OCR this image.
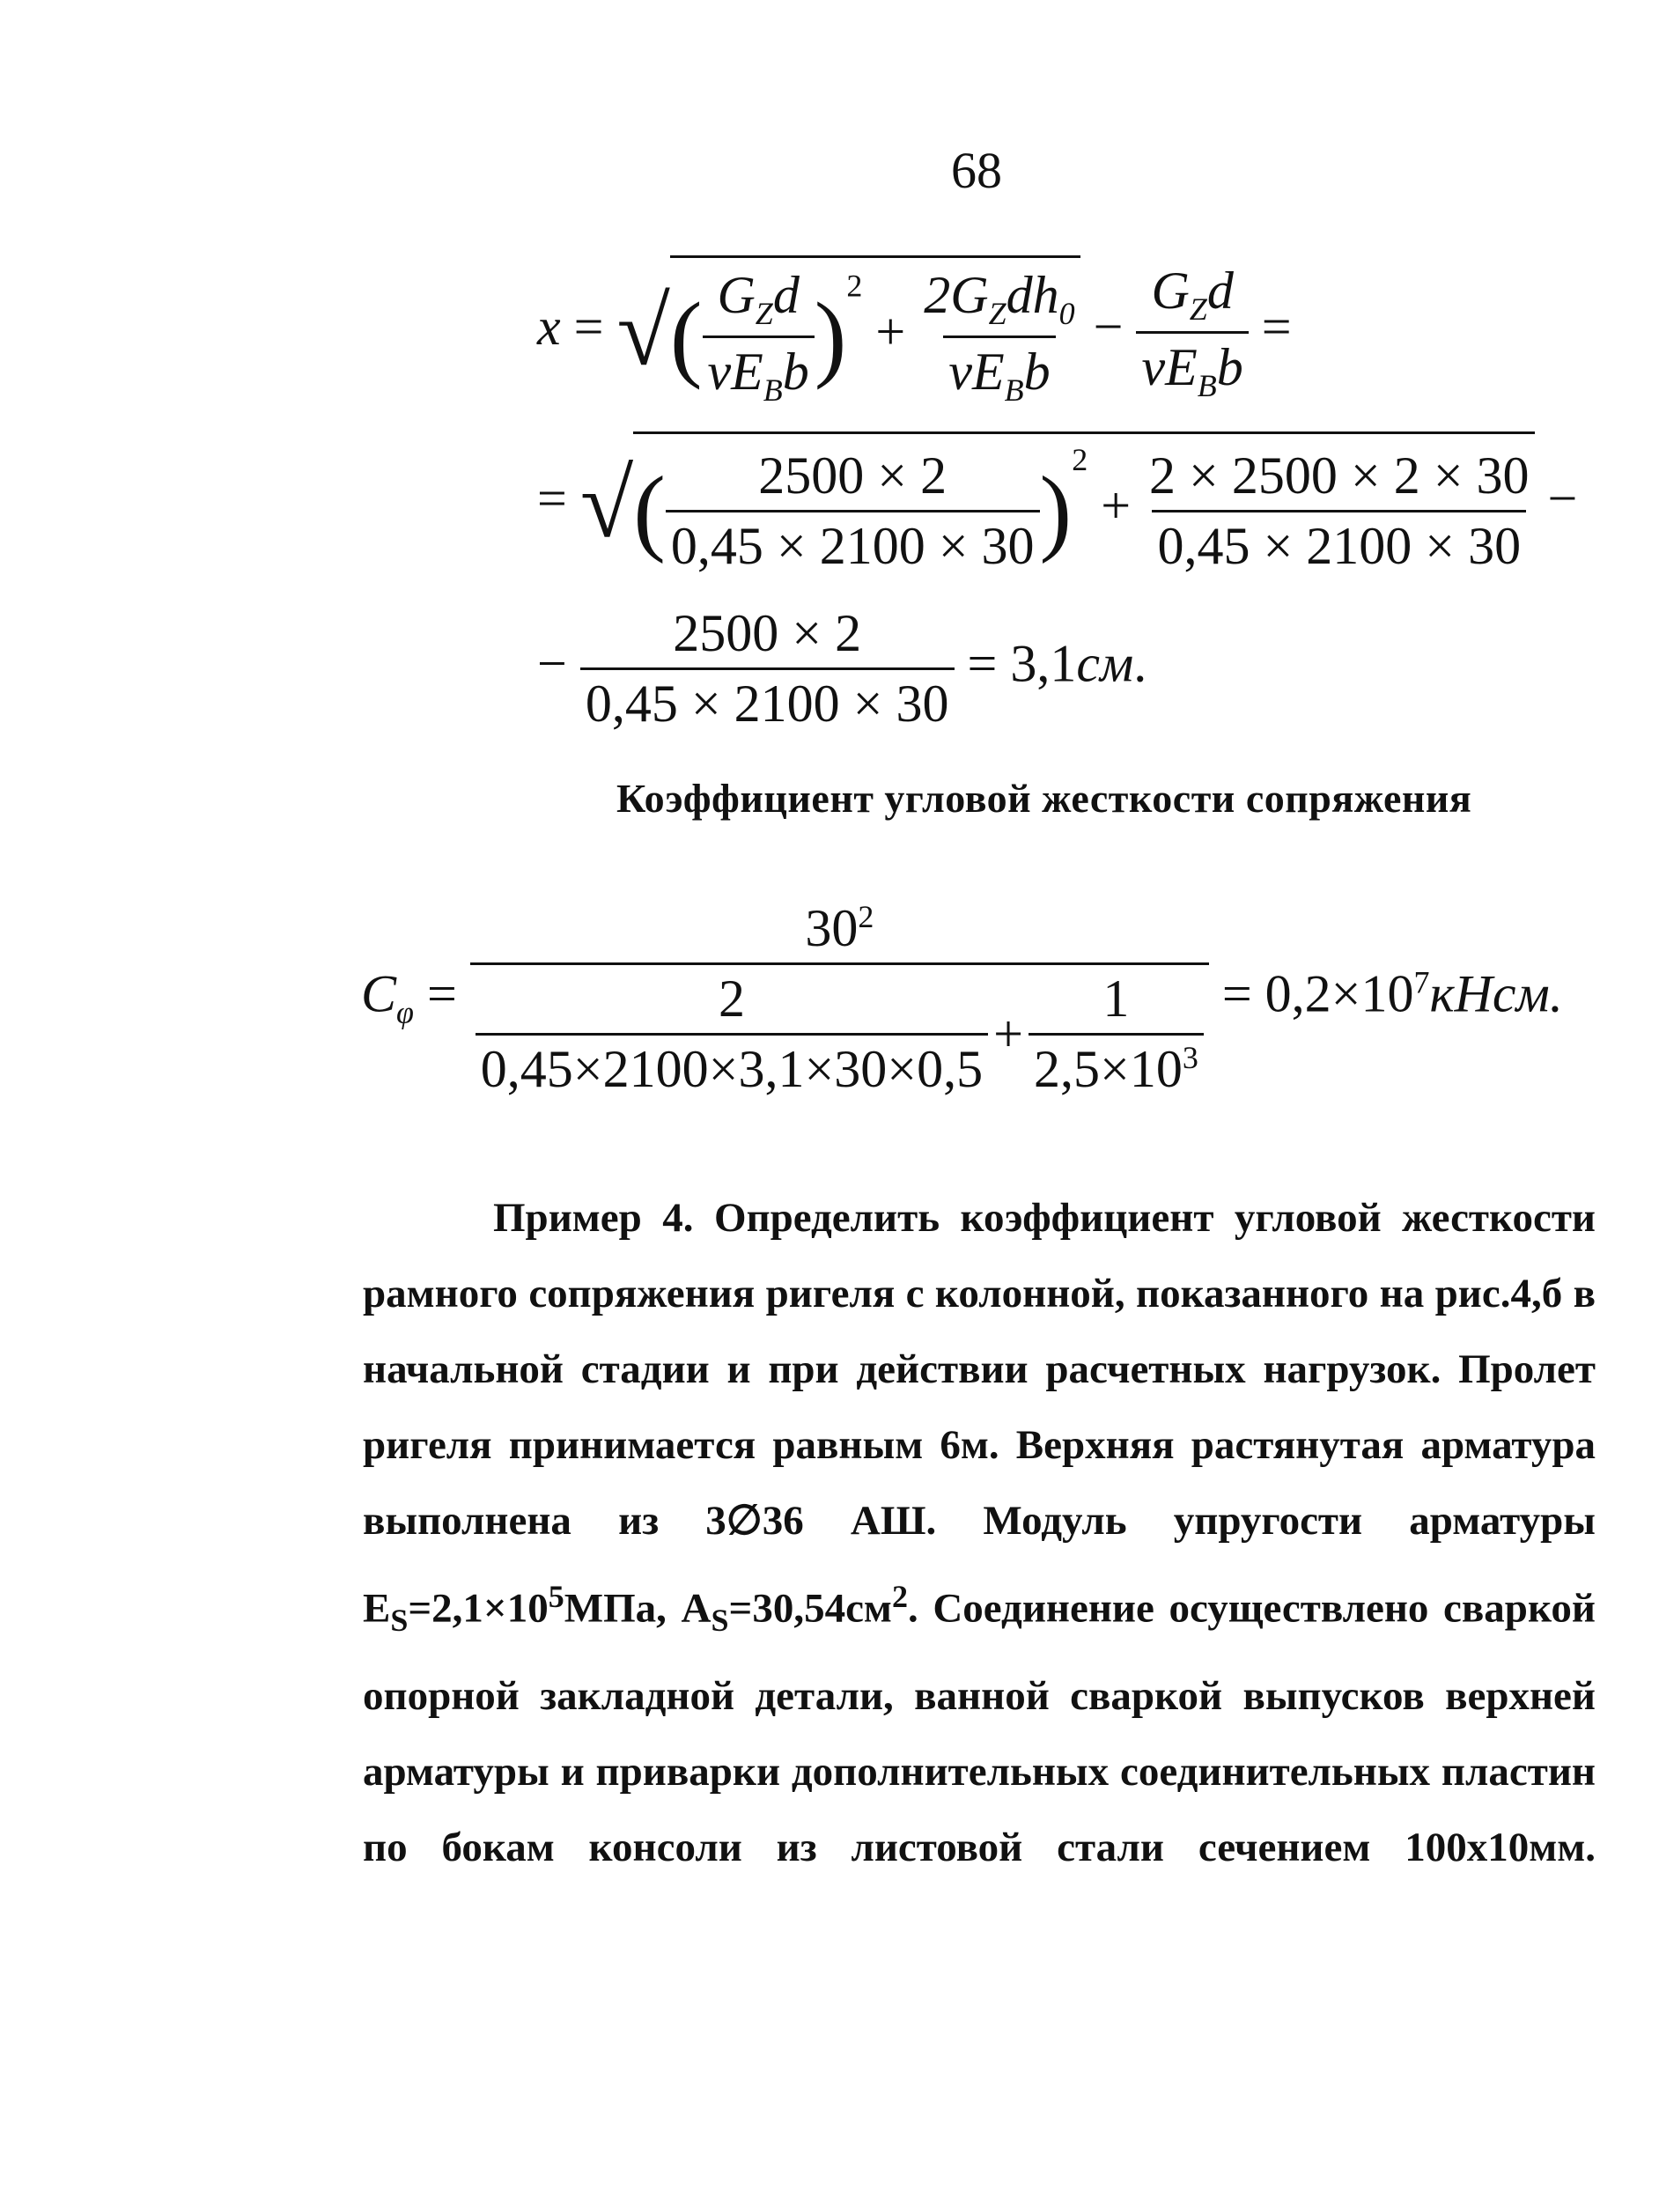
68
x = √( $\frac{G_Zd}{\nu E_Bb} )^2 + \frac{2G_Zdh_0}{\nu E_Bb} - \frac{G_Zd}{\nu E_Bb}$ =
= √( $\frac{2500 \times 2}{0,45 \times 2100 \times 30} )^2 + \frac{2 \times 2500 \times 2 \times 30}{0,45 \times 2100 \times 30}$ −
− $\frac{2500 \times 2}{0,45 \times 2100 \times 30} = 3,1см$.
Коэффициент угловой жесткости сопряжения
$C_\varphi$ =
$30^2$
$\frac{2}{0,45\times 2100\times 3,1\times 30\times 0,5} + \frac{1}{2,5\times 10^3}$ = $0,2\times 10^7кНсм$.
Пример 4. Определить коэффициент угловой жесткости
рамного сопряжения ригеля с колонной, показанного на рис.4,б в
начальной стадии и при действии расчетных нагрузок. Пролет
ригеля принимается равным 6м. Верхняя растянутая арматура
выполнена из 3∅36 АШ. Модуль упругости арматуры
$Е_S=2,1\times 10^5МПа$, $А_S=30,54см^2$. Соединение осуществлено сваркой
опорной закладной детали, ванной сваркой выпусков верхней
арматуры и приварки дополнительных соединительных пластин
по бокам консоли из листовой стали сечением 100х10мм.
